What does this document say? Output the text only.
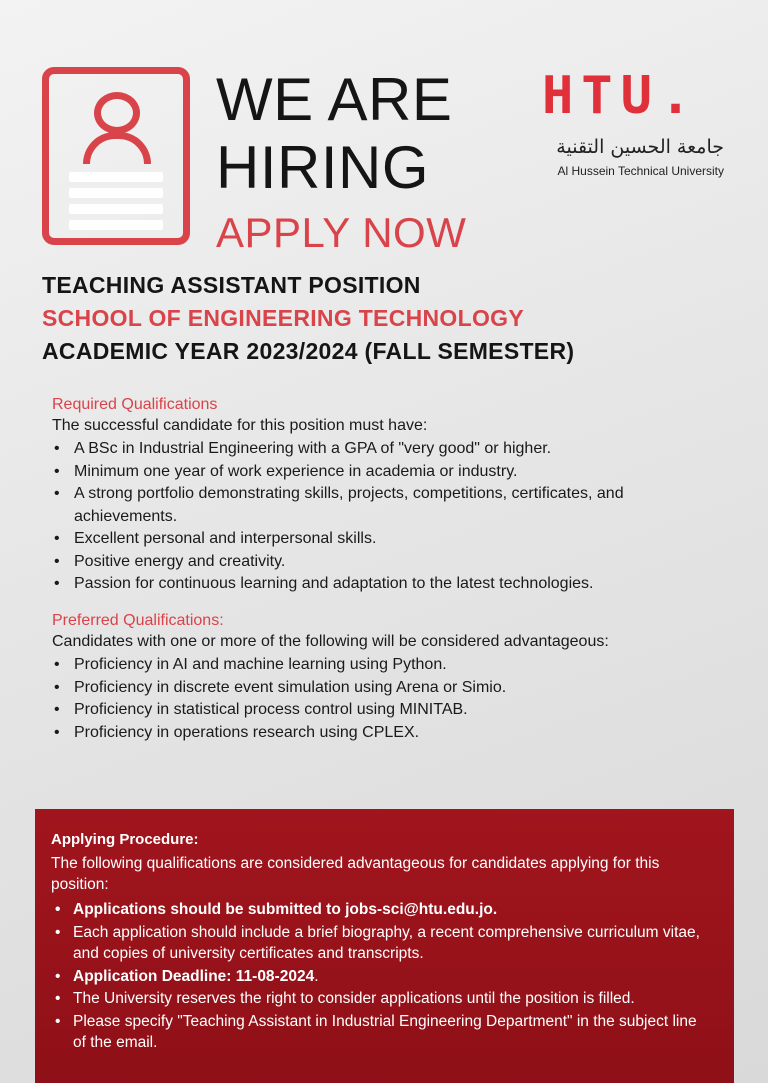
WE ARE
HIRING
APPLY NOW
HTU.
جامعة الحسين التقنية
Al Hussein Technical University
TEACHING ASSISTANT POSITION
SCHOOL OF ENGINEERING TECHNOLOGY
ACADEMIC YEAR 2023/2024 (FALL SEMESTER)
Required Qualifications
The successful candidate for this position must have:
• A BSc in Industrial Engineering with a GPA of "very good" or higher.
• Minimum one year of work experience in academia or industry.
• A strong portfolio demonstrating skills, projects, competitions, certificates, and achievements.
• Excellent personal and interpersonal skills.
• Positive energy and creativity.
• Passion for continuous learning and adaptation to the latest technologies.
Preferred Qualifications:
Candidates with one or more of the following will be considered advantageous:
• Proficiency in AI and machine learning using Python.
• Proficiency in discrete event simulation using Arena or Simio.
• Proficiency in statistical process control using MINITAB.
• Proficiency in operations research using CPLEX.
Applying Procedure:
The following qualifications are considered advantageous for candidates applying for this position:
• Applications should be submitted to jobs-sci@htu.edu.jo.
• Each application should include a brief biography, a recent comprehensive curriculum vitae, and copies of university certificates and transcripts.
• Application Deadline: 11-08-2024.
• The University reserves the right to consider applications until the position is filled.
• Please specify "Teaching Assistant in Industrial Engineering Department" in the subject line of the email.
